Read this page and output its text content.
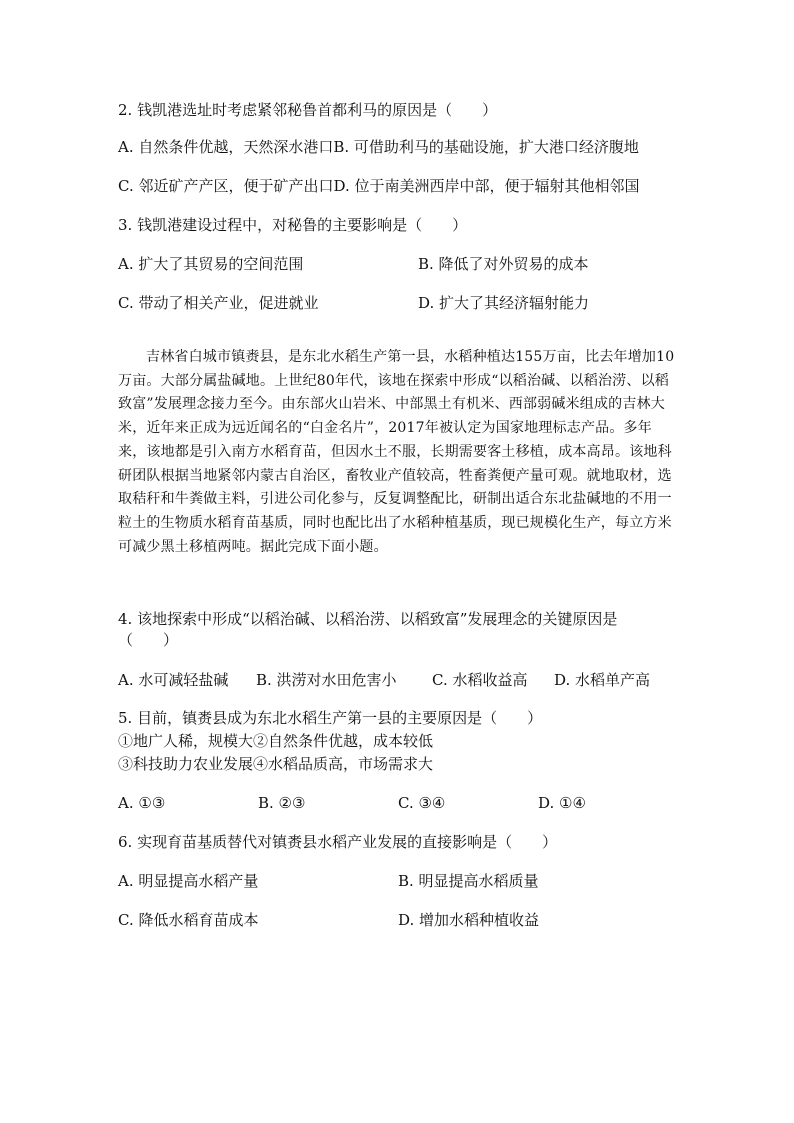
2. 钱凯港选址时考虑紧邻秘鲁首都利马的原因是（　　）
A. 自然条件优越，天然深水港口B. 可借助利马的基础设施，扩大港口经济腹地
C. 邻近矿产产区，便于矿产出口D. 位于南美洲西岸中部，便于辐射其他相邻国
3. 钱凯港建设过程中，对秘鲁的主要影响是（　　）
A. 扩大了其贸易的空间范围	B. 降低了对外贸易的成本
C. 带动了相关产业，促进就业	D. 扩大了其经济辐射能力

吉林省白城市镇赉县，是东北水稻生产第一县，水稻种植达155万亩，比去年增加10万亩。大部分属盐碱地。上世纪80年代，该地在探索中形成“以稻治碱、以稻治涝、以稻致富”发展理念接力至今。由东部火山岩米、中部黑土有机米、西部弱碱米组成的吉林大米，近年来正成为远近闻名的“白金名片”，2017年被认定为国家地理标志产品。多年来，该地都是引入南方水稻育苗，但因水土不服，长期需要客土移植，成本高昂。该地科研团队根据当地紧邻内蒙古自治区，畜牧业产值较高，牲畜粪便产量可观。就地取材，选取秸秆和牛粪做主料，引进公司化参与，反复调整配比，研制出适合东北盐碱地的不用一粒土的生物质水稻育苗基质，同时也配比出了水稻种植基质，现已规模化生产，每立方米可减少黑土移植两吨。据此完成下面小题。

4. 该地探索中形成“以稻治碱、以稻治涝、以稻致富”发展理念的关键原因是
（　　）
A. 水可减轻盐碱 B. 洪涝对水田危害小 C. 水稻收益高 D. 水稻单产高
5. 目前，镇赉县成为东北水稻生产第一县的主要原因是（　　）
①地广人稀，规模大②自然条件优越，成本较低
③科技助力农业发展④水稻品质高，市场需求大
A. ①③	B. ②③	C. ③④	D. ①④
6. 实现育苗基质替代对镇赉县水稻产业发展的直接影响是（　　）
A. 明显提高水稻产量	B. 明显提高水稻质量
C. 降低水稻育苗成本	D. 增加水稻种植收益
